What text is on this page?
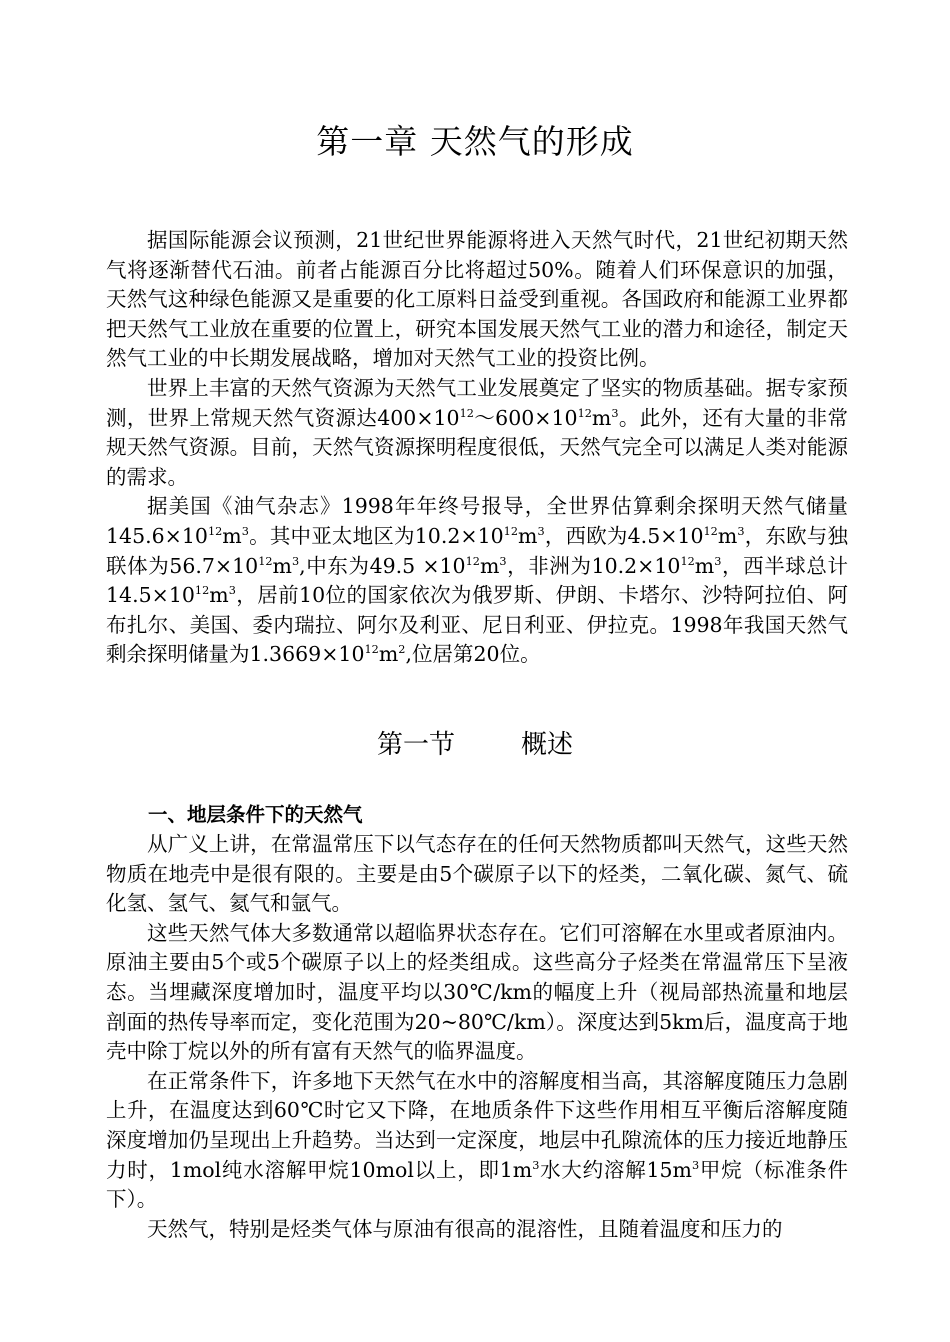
第一章 天然气的形成

据国际能源会议预测，21世纪世界能源将进入天然气时代，21世纪初期天然气将逐渐替代石油。前者占能源百分比将超过50%。随着人们环保意识的加强，天然气这种绿色能源又是重要的化工原料日益受到重视。各国政府和能源工业界都把天然气工业放在重要的位置上，研究本国发展天然气工业的潜力和途径，制定天然气工业的中长期发展战略，增加对天然气工业的投资比例。

世界上丰富的天然气资源为天然气工业发展奠定了坚实的物质基础。据专家预测，世界上常规天然气资源达$400\times 10^{12}\sim 600\times 10^{12}m^3$。此外，还有大量的非常规天然气资源。目前，天然气资源探明程度很低，天然气完全可以满足人类对能源的需求。

据美国《油气杂志》1998年年终号报导，全世界估算剩余探明天然气储量$145.6\times 10^{12}m^3$。其中亚太地区为$10.2\times 10^{12}m^3$，西欧为$4.5\times 10^{12}m^3$，东欧与独联体为$56.7\times 10^{12}m^3$,中东为$49.5 \times 10^{12}m^3$，非洲为$10.2\times 10^{12}m^3$，西半球总计$14.5\times 10^{12}m^3$，居前10位的国家依次为俄罗斯、伊朗、卡塔尔、沙特阿拉伯、阿布扎尔、美国、委内瑞拉、阿尔及利亚、尼日利亚、伊拉克。1998年我国天然气剩余探明储量为$1.3669\times 10^{12}m^2$,位居第20位。

第一节	概述
一、地层条件下的天然气

从广义上讲，在常温常压下以气态存在的任何天然物质都叫天然气，这些天然物质在地壳中是很有限的。主要是由5个碳原子以下的烃类，二氧化碳、氮气、硫化氢、氢气、氦气和氩气。

这些天然气体大多数通常以超临界状态存在。它们可溶解在水里或者原油内。原油主要由5个或5个碳原子以上的烃类组成。这些高分子烃类在常温常压下呈液态。当埋藏深度增加时，温度平均以30℃/km的幅度上升（视局部热流量和地层剖面的热传导率而定，变化范围为20~80℃/km）。深度达到5km后，温度高于地壳中除丁烷以外的所有富有天然气的临界温度。

在正常条件下，许多地下天然气在水中的溶解度相当高，其溶解度随压力急剧上升，在温度达到60℃时它又下降，在地质条件下这些作用相互平衡后溶解度随深度增加仍呈现出上升趋势。当达到一定深度，地层中孔隙流体的压力接近地静压力时，1mol纯水溶解甲烷10mol以上，即$1m^3$水大约溶解$15m^3$甲烷（标准条件下）。

天然气，特别是烃类气体与原油有很高的混溶性，且随着温度和压力的
